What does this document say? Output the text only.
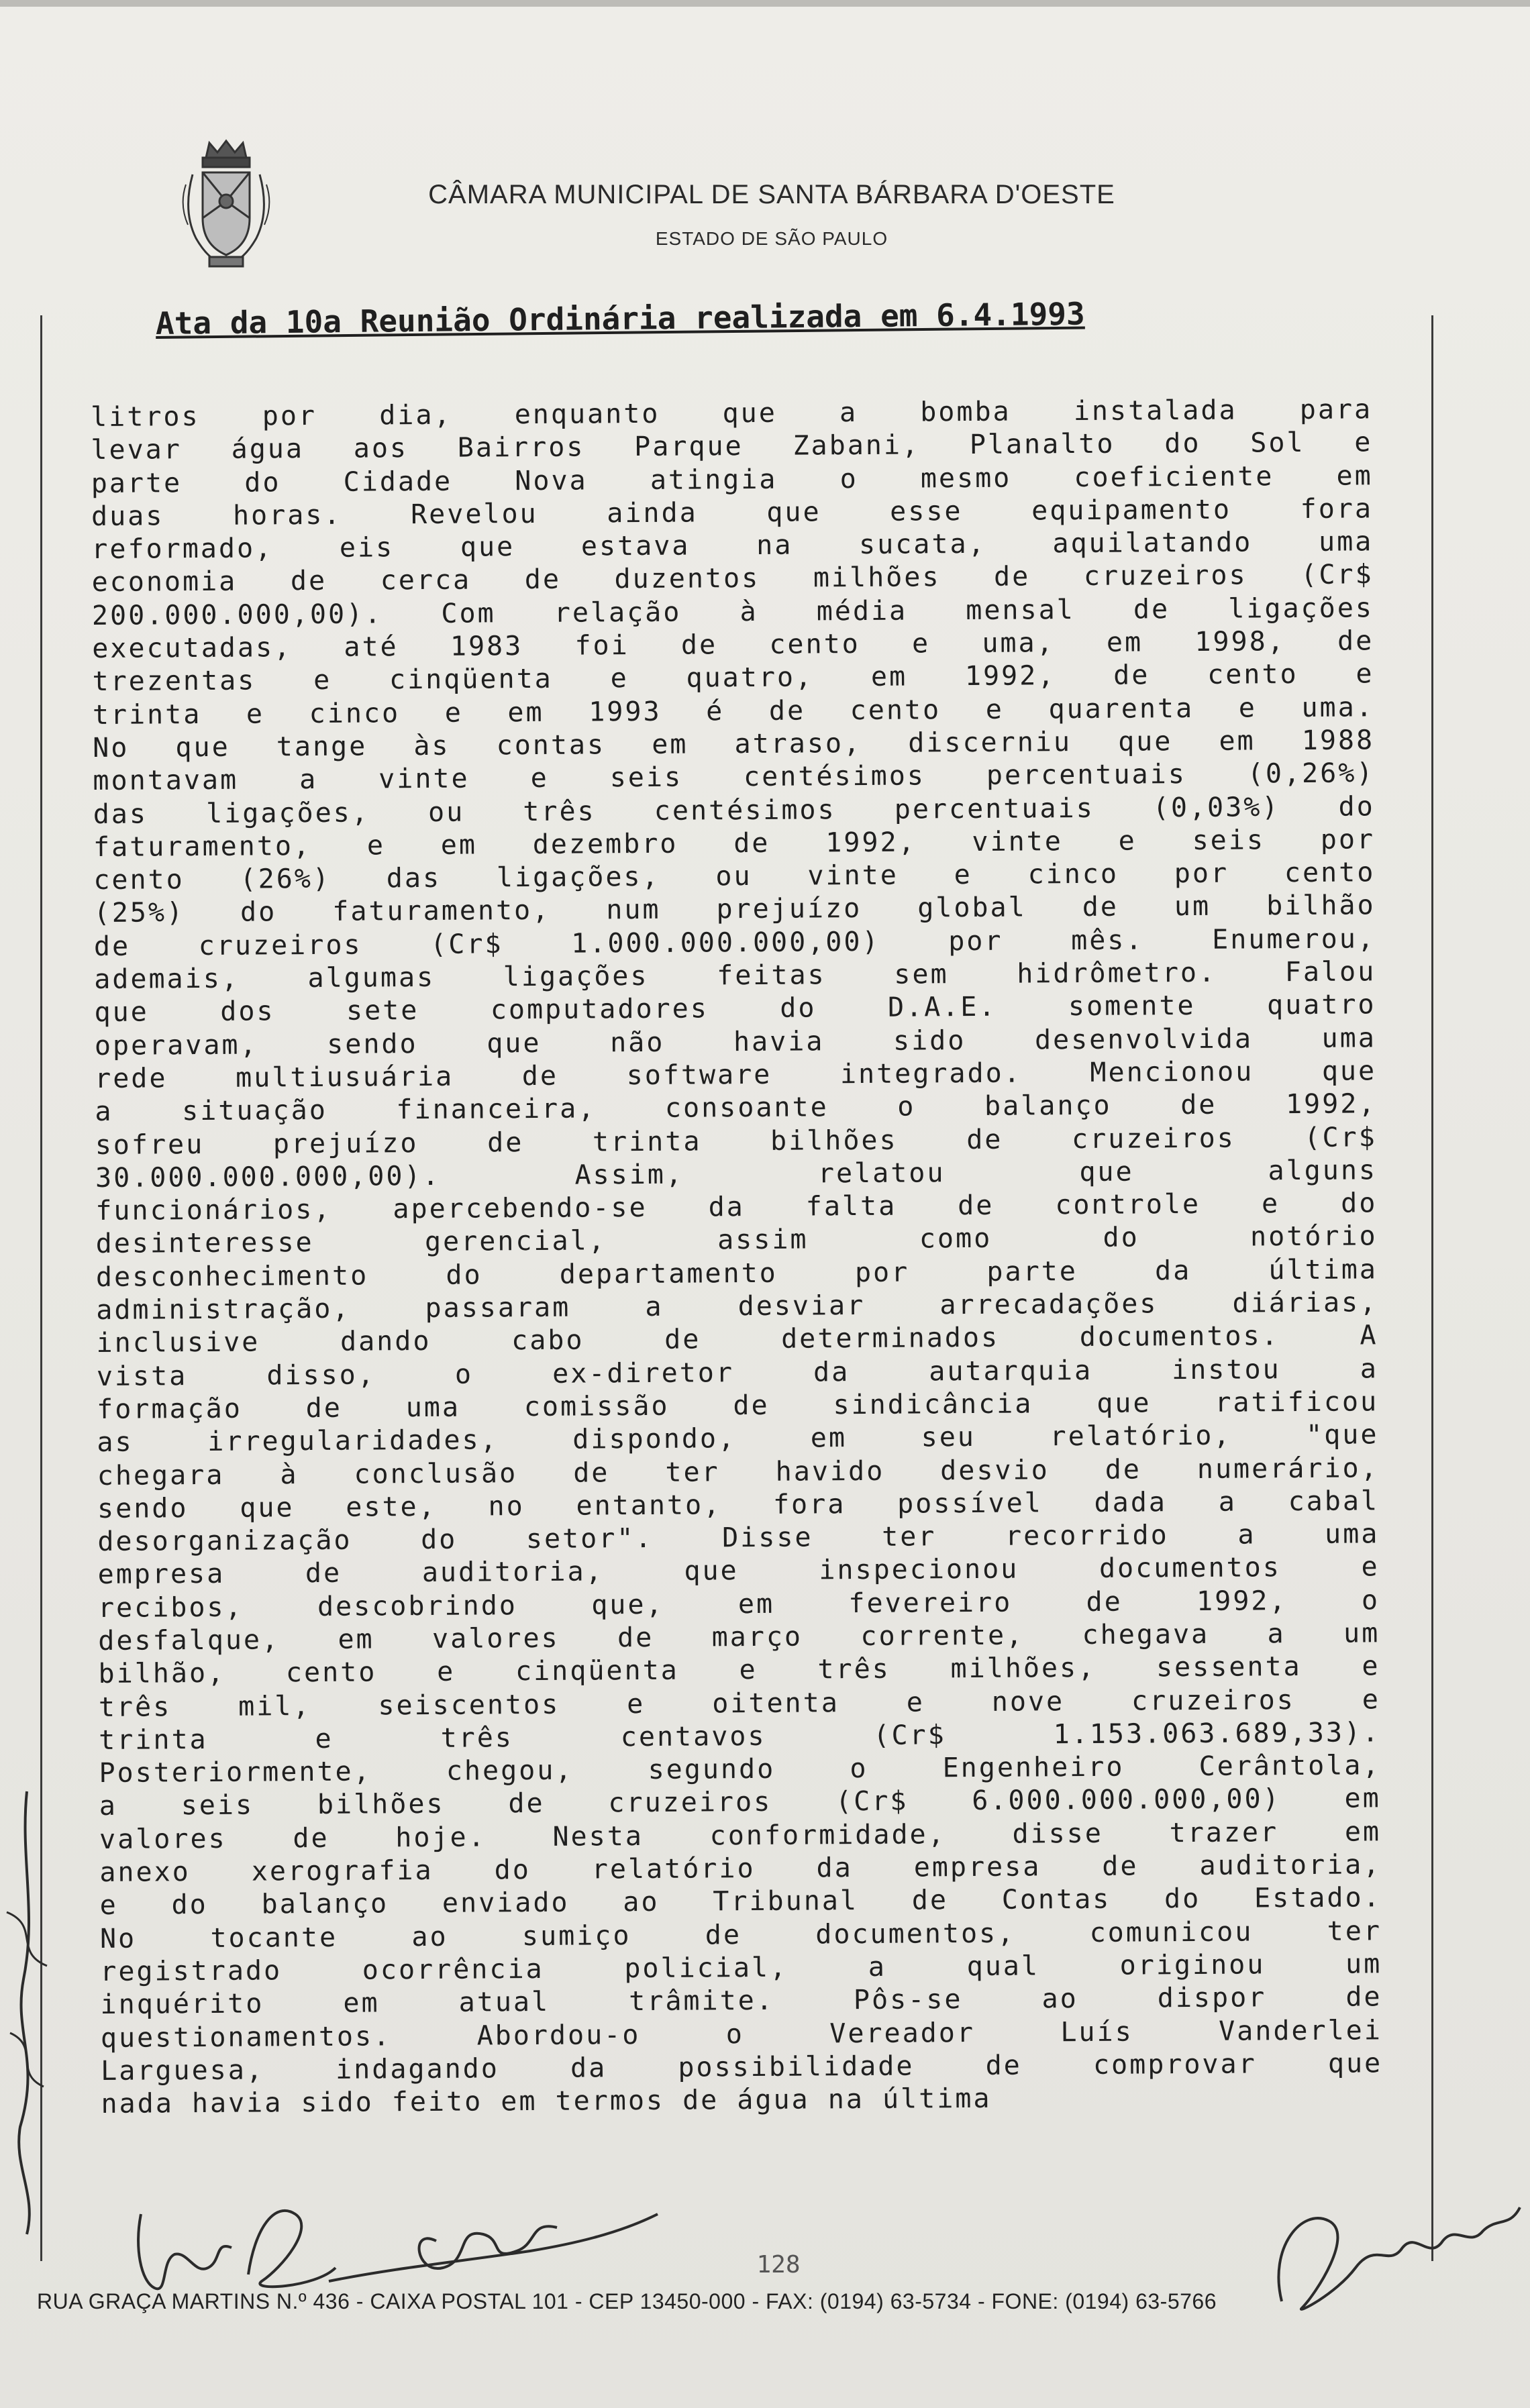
CÂMARA MUNICIPAL DE SANTA BÁRBARA D'OESTE
ESTADO DE SÃO PAULO
Ata da 10a Reunião Ordinária realizada em 6.4.1993
litros por dia, enquanto que a bomba instalada para
levar água aos Bairros Parque Zabani, Planalto do Sol e
parte do Cidade Nova atingia o mesmo coeficiente em
duas horas. Revelou ainda que esse equipamento fora
reformado, eis que estava na sucata, aquilatando uma
economia de cerca de duzentos milhões de cruzeiros (Cr$
200.000.000,00). Com relação à média mensal de ligações
executadas, até 1983 foi de cento e uma, em 1998, de
trezentas e cinqüenta e quatro, em 1992, de cento e
trinta e cinco e em 1993 é de cento e quarenta e uma.
No que tange às contas em atraso, discerniu que em 1988
montavam a vinte e seis centésimos percentuais (0,26%)
das ligações, ou três centésimos percentuais (0,03%) do
faturamento, e em dezembro de 1992, vinte e seis por
cento (26%) das ligações, ou vinte e cinco por cento
(25%) do faturamento, num prejuízo global de um bilhão
de cruzeiros (Cr$ 1.000.000.000,00) por mês. Enumerou,
ademais, algumas ligações feitas sem hidrômetro. Falou
que dos sete computadores do D.A.E. somente quatro
operavam, sendo que não havia sido desenvolvida uma
rede multiusuária de software integrado. Mencionou que
a situação financeira, consoante o balanço de 1992,
sofreu prejuízo de trinta bilhões de cruzeiros (Cr$
30.000.000.000,00). Assim, relatou que alguns
funcionários, apercebendo-se da falta de controle e do
desinteresse gerencial, assim como do notório
desconhecimento do departamento por parte da última
administração, passaram a desviar arrecadações diárias,
inclusive dando cabo de determinados documentos. A
vista disso, o ex-diretor da autarquia instou a
formação de uma comissão de sindicância que ratificou
as irregularidades, dispondo, em seu relatório, "que
chegara à conclusão de ter havido desvio de numerário,
sendo que este, no entanto, fora possível dada a cabal
desorganização do setor". Disse ter recorrido a uma
empresa de auditoria, que inspecionou documentos e
recibos, descobrindo que, em fevereiro de 1992, o
desfalque, em valores de março corrente, chegava a um
bilhão, cento e cinqüenta e três milhões, sessenta e
três mil, seiscentos e oitenta e nove cruzeiros e
trinta e três centavos (Cr$ 1.153.063.689,33).
Posteriormente, chegou, segundo o Engenheiro Cerântola,
a seis bilhões de cruzeiros (Cr$ 6.000.000.000,00) em
valores de hoje. Nesta conformidade, disse trazer em
anexo xerografia do relatório da empresa de auditoria,
e do balanço enviado ao Tribunal de Contas do Estado.
No tocante ao sumiço de documentos, comunicou ter
registrado ocorrência policial, a qual originou um
inquérito em atual trâmite. Pôs-se ao dispor de
questionamentos. Abordou-o o Vereador Luís Vanderlei
Larguesa, indagando da possibilidade de comprovar que
nada havia sido feito em termos de água na última
128
RUA GRAÇA MARTINS N.º 436 - CAIXA POSTAL 101 - CEP 13450-000 - FAX: (0194) 63-5734 - FONE: (0194) 63-5766
